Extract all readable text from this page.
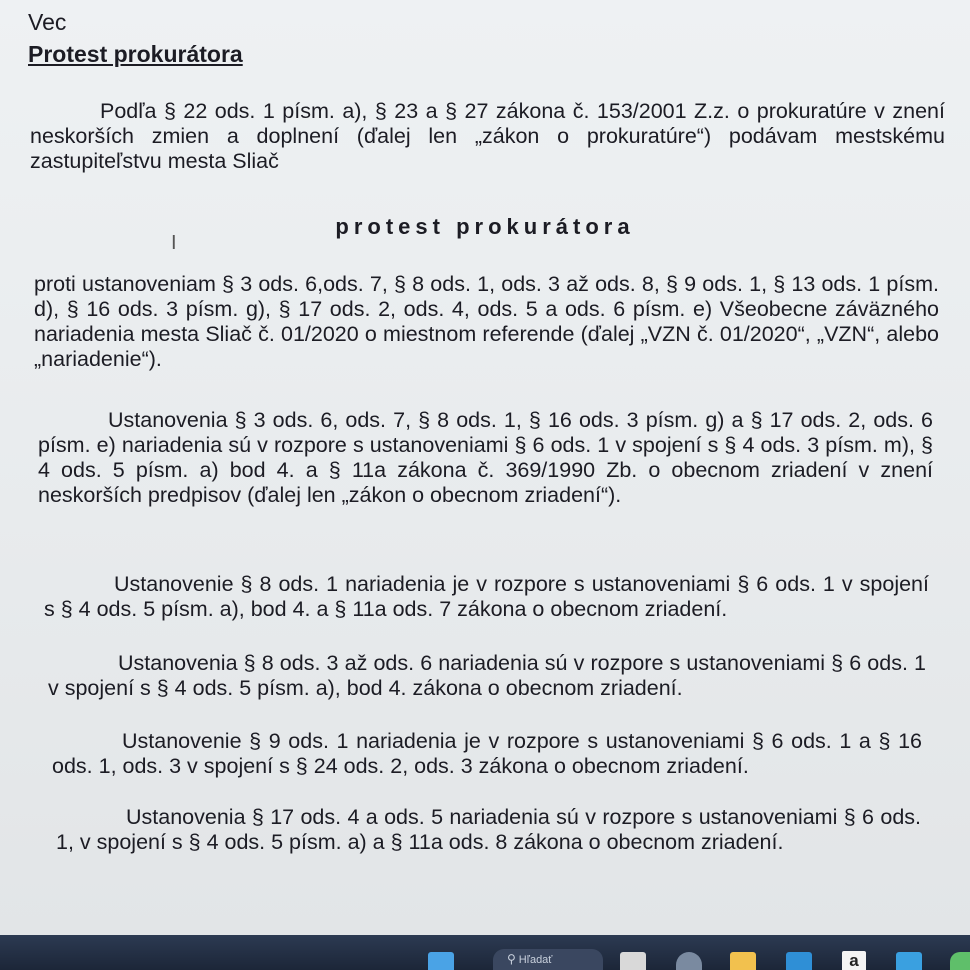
Vec
Protest prokurátora
Podľa § 22 ods. 1 písm. a), § 23 a § 27 zákona č. 153/2001 Z.z. o prokuratúre v znení neskorších zmien a doplnení (ďalej len „zákon o prokuratúre“) podávam mestskému zastupiteľstvu mesta Sliač
protest prokurátora
I
proti ustanoveniam § 3 ods. 6,ods. 7, § 8 ods. 1, ods. 3 až ods. 8, § 9 ods. 1, § 13 ods. 1 písm. d), § 16 ods. 3 písm. g), § 17 ods. 2, ods. 4, ods. 5 a ods. 6 písm. e) Všeobecne záväzného nariadenia mesta Sliač č. 01/2020 o miestnom referende (ďalej „VZN č. 01/2020“, „VZN“, alebo „nariadenie“).
Ustanovenia § 3 ods. 6, ods. 7, § 8 ods. 1, § 16 ods. 3 písm. g) a § 17 ods. 2, ods. 6 písm. e) nariadenia sú v rozpore s ustanoveniami § 6 ods. 1 v spojení s § 4 ods. 3 písm. m), § 4 ods. 5 písm. a) bod 4. a § 11a zákona č. 369/1990 Zb. o obecnom zriadení v znení neskorších predpisov (ďalej len „zákon o obecnom zriadení“).
Ustanovenie § 8 ods. 1 nariadenia je v rozpore s ustanoveniami § 6 ods. 1 v spojení s § 4 ods. 5 písm. a), bod 4. a § 11a ods. 7 zákona o obecnom zriadení.
Ustanovenia § 8 ods. 3 až ods. 6 nariadenia sú v rozpore s ustanoveniami § 6 ods. 1 v spojení s § 4 ods. 5 písm. a), bod 4. zákona o obecnom zriadení.
Ustanovenie § 9 ods. 1 nariadenia je v rozpore s ustanoveniami § 6 ods. 1 a § 16 ods. 1, ods. 3 v spojení s § 24 ods. 2, ods. 3 zákona o obecnom zriadení.
Ustanovenia § 17 ods. 4 a ods. 5 nariadenia sú v rozpore s ustanoveniami § 6 ods. 1, v spojení s § 4 ods. 5 písm. a) a § 11a ods. 8 zákona o obecnom zriadení.
⚲ Hľadať	a
